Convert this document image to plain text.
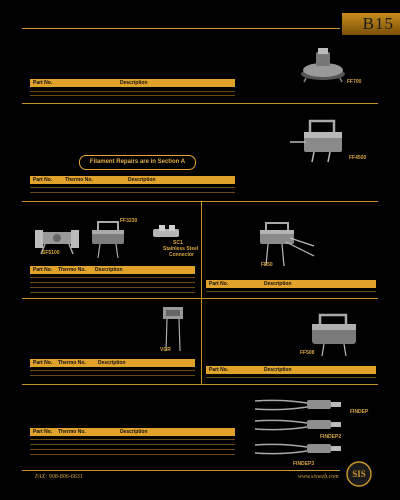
B15
FF700
Part No.	Description
FF4500
Filament Repairs are in Section A
Part No.	Thermo No.	Description
SF5100
FF3230
SC1
Stainless Steel
Connector
Part No. Thermo No. Description
FF50
Part No.	Description
VGR
Part No. Thermo No. Description
FF508
Part No.	Description
FINDEP
FINDEP2
FINDEP3
Part No. Thermo No.	Description
FAX: 908-806-6631	www.sisweb.com SIS
